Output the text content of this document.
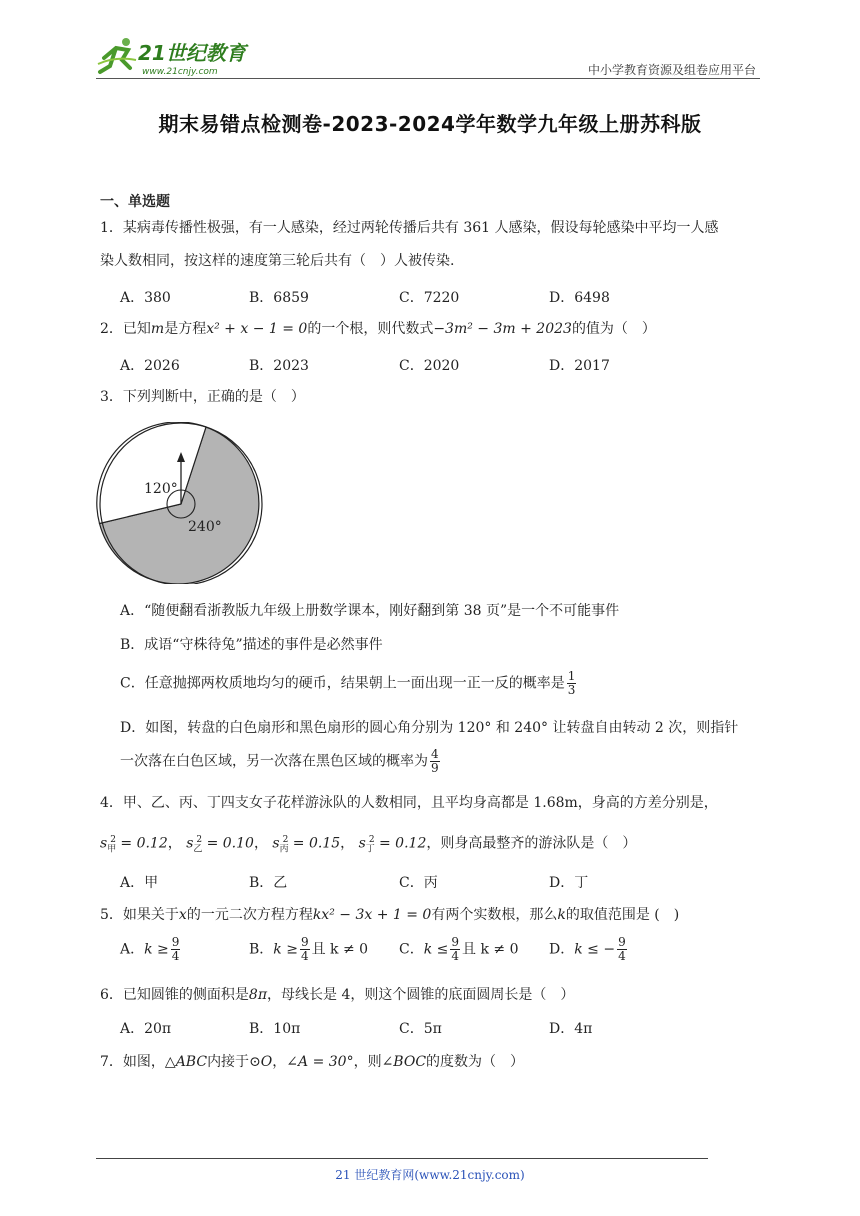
21世纪教育
www.21cnjy.com	中小学教育资源及组卷应用平台
期末易错点检测卷-2023-2024学年数学九年级上册苏科版
一、单选题
1．某病毒传播性极强，有一人感染，经过两轮传播后共有 361 人感染，假设每轮感染中平均一人感
染人数相同，按这样的速度第三轮后共有（　）人被传染.
A．380	B．6859	C．7220	D．6498
2．已知m是方程x² + x − 1 = 0的一个根，则代数式−3m² − 3m + 2023的值为（　）
A．2026	B．2023	C．2020	D．2017
3．下列判断中，正确的是（　）
120°
240°
A．“随便翻看浙教版九年级上册数学课本，刚好翻到第 38 页”是一个不可能事件
B．成语“守株待兔”描述的事件是必然事件
C．任意抛掷两枚质地均匀的硬币，结果朝上一面出现一正一反的概率是 $\frac{1}{3}$
D．如图，转盘的白色扇形和黑色扇形的圆心角分别为 120° 和 240° 让转盘自由转动 2 次，则指针
一次落在白色区域，另一次落在黑色区域的概率为 $\frac{4}{9}$
4．甲、乙、丙、丁四支女子花样游泳队的人数相同，且平均身高都是 1.68m，身高的方差分别是，
$s_甲^2 = 0.12$， $s_乙^2 = 0.10$， $s_丙^2 = 0.15$， $s_丁^2 = 0.12$，则身高最整齐的游泳队是（　）
A．甲	B．乙	C．丙	D．丁
5．如果关于x的一元二次方程方程kx² − 3x + 1 = 0有两个实数根，那么k的取值范围是 (　)
A．$k \ge \frac{9}{4}$	B．$k \ge \frac{9}{4}$ 且 k ≠ 0 C．$k \le \frac{9}{4}$ 且 k ≠ 0 D．k ≤ − $\frac{9}{4}$
6．已知圆锥的侧面积是8π，母线长是 4，则这个圆锥的底面圆周长是（　）
A．20π	B．10π	C．5π	D．4π
7．如图，△ABC内接于⊙O，∠A = 30°，则∠BOC的度数为（　）
21 世纪教育网(www.21cnjy.com)
